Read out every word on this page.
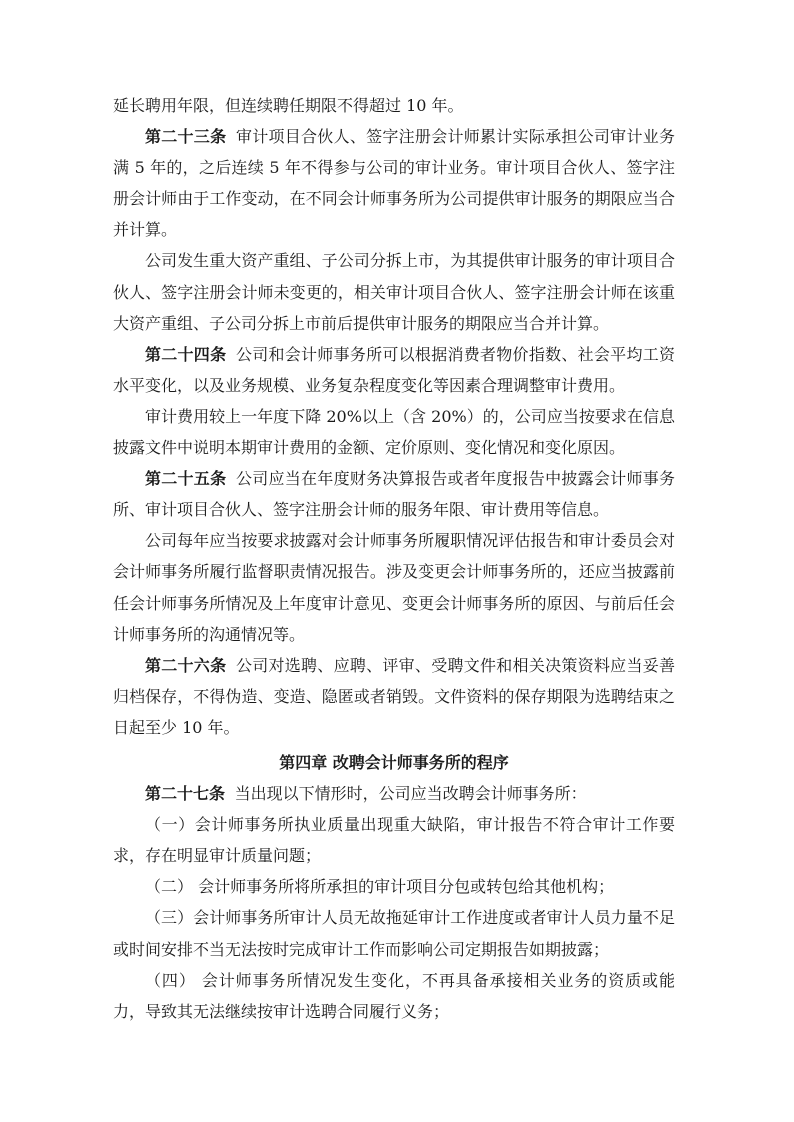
延长聘用年限，但连续聘任期限不得超过 10 年。

第二十三条 审计项目合伙人、签字注册会计师累计实际承担公司审计业务满 5 年的，之后连续 5 年不得参与公司的审计业务。审计项目合伙人、签字注册会计师由于工作变动，在不同会计师事务所为公司提供审计服务的期限应当合并计算。

公司发生重大资产重组、子公司分拆上市，为其提供审计服务的审计项目合伙人、签字注册会计师未变更的，相关审计项目合伙人、签字注册会计师在该重大资产重组、子公司分拆上市前后提供审计服务的期限应当合并计算。

第二十四条 公司和会计师事务所可以根据消费者物价指数、社会平均工资水平变化，以及业务规模、业务复杂程度变化等因素合理调整审计费用。

审计费用较上一年度下降 20%以上（含 20%）的，公司应当按要求在信息披露文件中说明本期审计费用的金额、定价原则、变化情况和变化原因。

第二十五条 公司应当在年度财务决算报告或者年度报告中披露会计师事务所、审计项目合伙人、签字注册会计师的服务年限、审计费用等信息。

公司每年应当按要求披露对会计师事务所履职情况评估报告和审计委员会对会计师事务所履行监督职责情况报告。涉及变更会计师事务所的，还应当披露前任会计师事务所情况及上年度审计意见、变更会计师事务所的原因、与前后任会计师事务所的沟通情况等。

第二十六条 公司对选聘、应聘、评审、受聘文件和相关决策资料应当妥善归档保存，不得伪造、变造、隐匿或者销毁。文件资料的保存期限为选聘结束之日起至少 10 年。

第四章 改聘会计师事务所的程序

第二十七条 当出现以下情形时，公司应当改聘会计师事务所：

（一）会计师事务所执业质量出现重大缺陷，审计报告不符合审计工作要求，存在明显审计质量问题；

（二） 会计师事务所将所承担的审计项目分包或转包给其他机构；

（三）会计师事务所审计人员无故拖延审计工作进度或者审计人员力量不足或时间安排不当无法按时完成审计工作而影响公司定期报告如期披露；

（四） 会计师事务所情况发生变化，不再具备承接相关业务的资质或能力，导致其无法继续按审计选聘合同履行义务；
